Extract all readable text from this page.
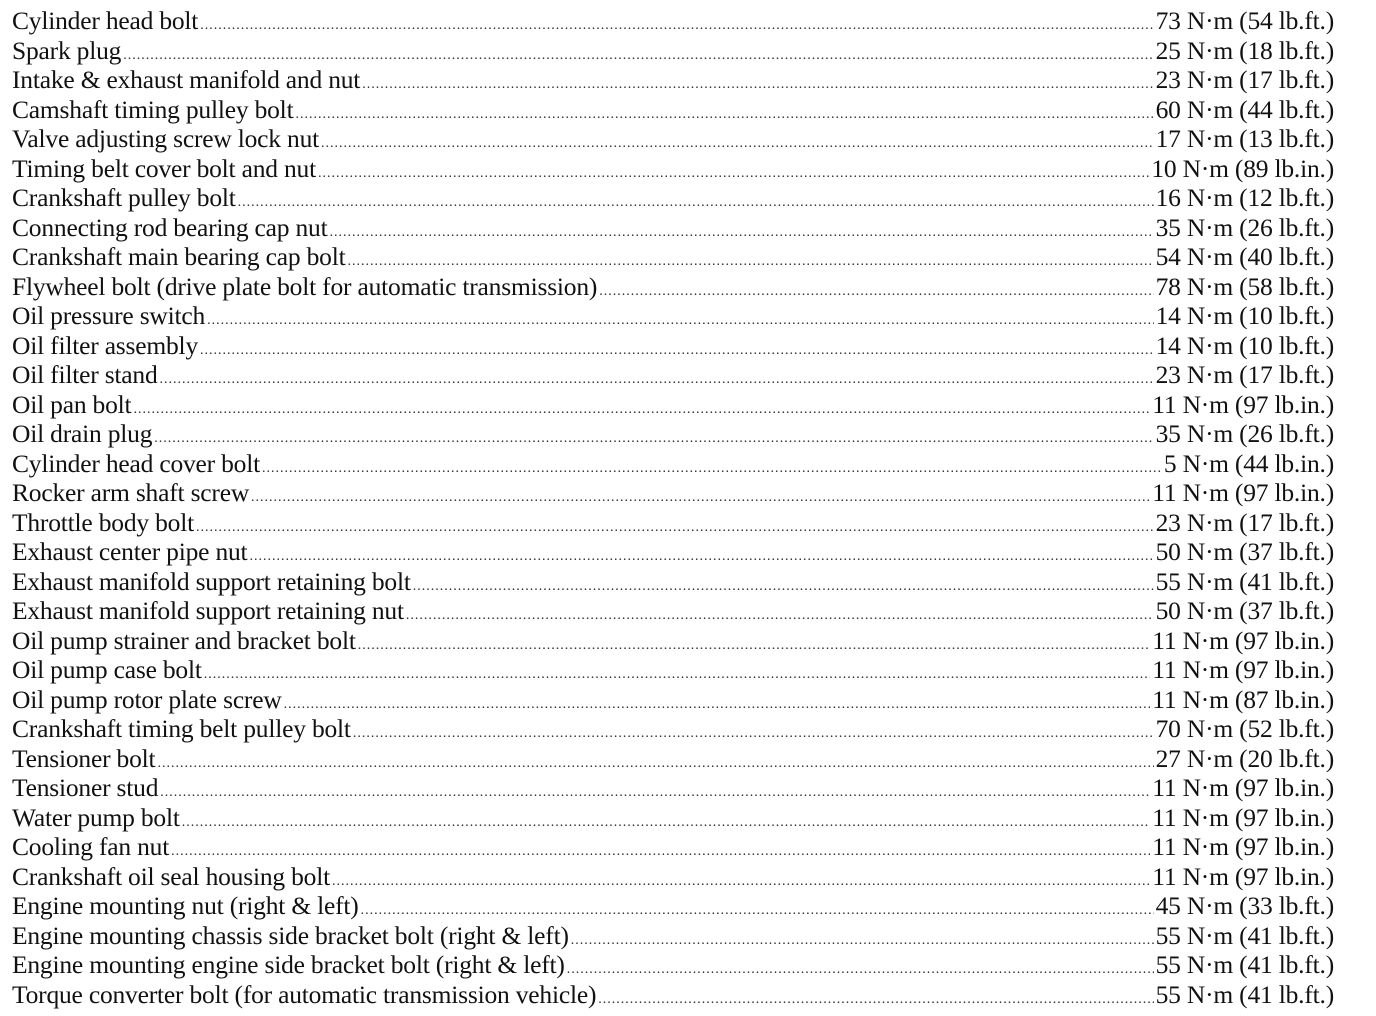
Cylinder head bolt .....	73 N·m (54 lb.ft.)
Spark plug .....	25 N·m (18 lb.ft.)
Intake & exhaust manifold and nut .....	23 N·m (17 lb.ft.)
Camshaft timing pulley bolt .....	60 N·m (44 lb.ft.)
Valve adjusting screw lock nut .....	17 N·m (13 lb.ft.)
Timing belt cover bolt and nut .....	10 N·m (89 lb.in.)
Crankshaft pulley bolt .....	16 N·m (12 lb.ft.)
Connecting rod bearing cap nut .....	35 N·m (26 lb.ft.)
Crankshaft main bearing cap bolt .....	54 N·m (40 lb.ft.)
Flywheel bolt (drive plate bolt for automatic transmission) .....	78 N·m (58 lb.ft.)
Oil pressure switch .....	14 N·m (10 lb.ft.)
Oil filter assembly .....	14 N·m (10 lb.ft.)
Oil filter stand .....	23 N·m (17 lb.ft.)
Oil pan bolt .....	11 N·m (97 lb.in.)
Oil drain plug .....	35 N·m (26 lb.ft.)
Cylinder head cover bolt .....	5 N·m (44 lb.in.)
Rocker arm shaft screw .....	11 N·m (97 lb.in.)
Throttle body bolt .....	23 N·m (17 lb.ft.)
Exhaust center pipe nut .....	50 N·m (37 lb.ft.)
Exhaust manifold support retaining bolt .....	55 N·m (41 lb.ft.)
Exhaust manifold support retaining nut .....	50 N·m (37 lb.ft.)
Oil pump strainer and bracket bolt .....	11 N·m (97 lb.in.)
Oil pump case bolt .....	11 N·m (97 lb.in.)
Oil pump rotor plate screw .....	11 N·m (87 lb.in.)
Crankshaft timing belt pulley bolt .....	70 N·m (52 lb.ft.)
Tensioner bolt .....	27 N·m (20 lb.ft.)
Tensioner stud .....	11 N·m (97 lb.in.)
Water pump bolt .....	11 N·m (97 lb.in.)
Cooling fan nut .....	11 N·m (97 lb.in.)
Crankshaft oil seal housing bolt .....	11 N·m (97 lb.in.)
Engine mounting nut (right & left) .....	45 N·m (33 lb.ft.)
Engine mounting chassis side bracket bolt (right & left) .....	55 N·m (41 lb.ft.)
Engine mounting engine side bracket bolt (right & left) .....	55 N·m (41 lb.ft.)
Torque converter bolt (for automatic transmission vehicle) .....	55 N·m (41 lb.ft.)
